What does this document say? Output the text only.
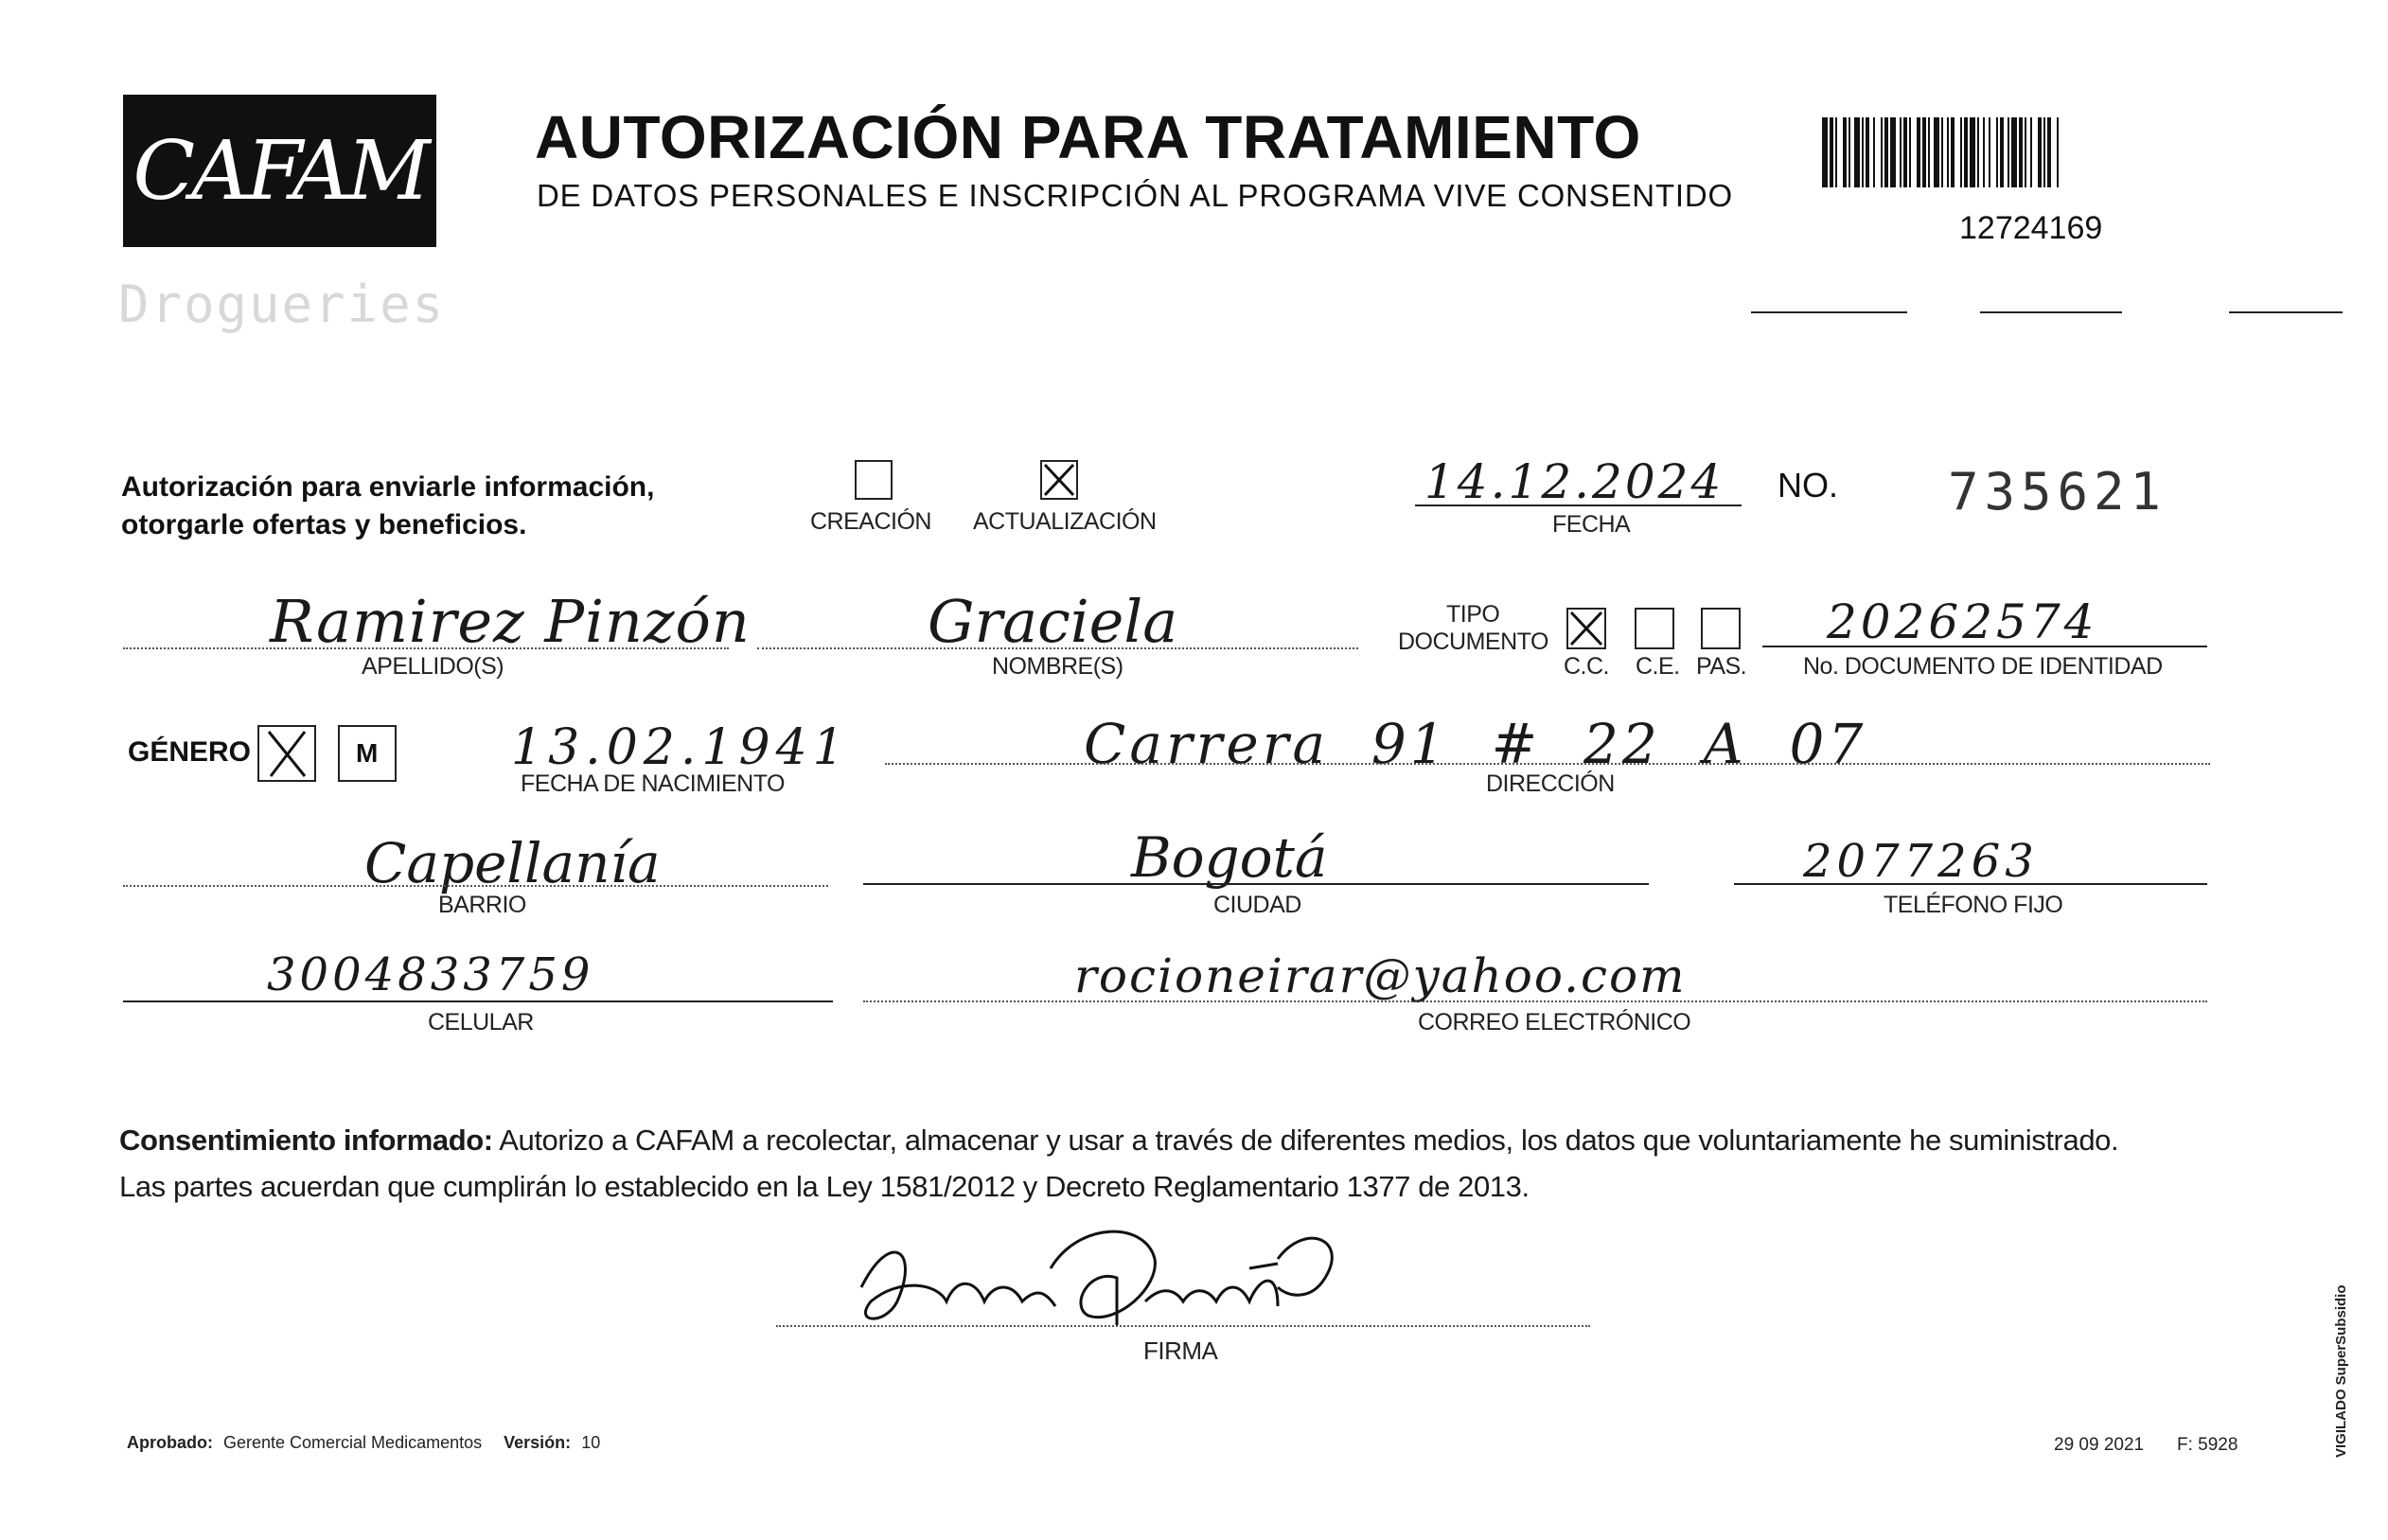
CAFAM
Drogueries
AUTORIZACIÓN PARA TRATAMIENTO
DE DATOS PERSONALES E INSCRIPCIÓN AL PROGRAMA VIVE CONSENTIDO
12724169
Autorización para enviarle información,
otorgarle ofertas y beneficios.	CREACIÓN ACTUALIZACIÓN
14.12.2024
FECHA
NO. 735621
Ramirez Pinzón
APELLIDO(S)
Graciela
NOMBRE(S)
TIPO
DOCUMENTO
C.C. C.E. PAS.
20262574
No. DOCUMENTO DE IDENTIDAD
GÉNERO	M	13.02.1941
FECHA DE NACIMIENTO
Carrera  91  #  22  A  07
DIRECCIÓN
Capellanía
BARRIO
Bogotá
CIUDAD
2077263
TELÉFONO FIJO
3004833759
CELULAR
rocioneirar@yahoo.com
CORREO ELECTRÓNICO
Consentimiento informado: Autorizo a CAFAM a recolectar, almacenar y usar a través de diferentes medios, los datos que voluntariamente he suministrado.
Las partes acuerdan que cumplirán lo establecido en la Ley 1581/2012 y Decreto Reglamentario 1377 de 2013.
FIRMA
Aprobado: Gerente Comercial Medicamentos Versión: 10	29 09 2021 F: 5928	VIGILADO SuperSubsidio
